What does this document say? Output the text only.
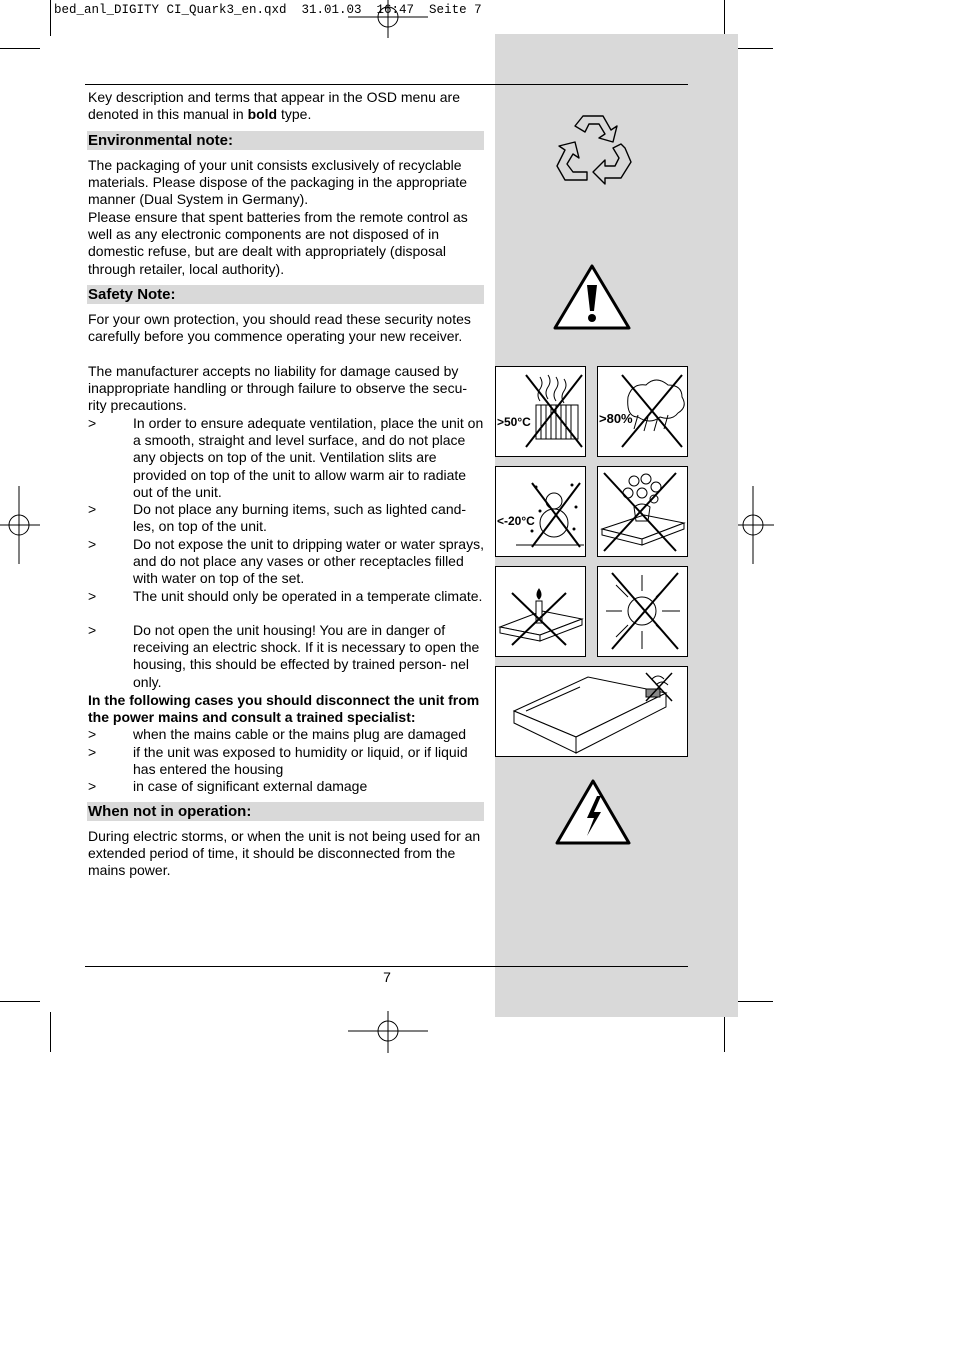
bed_anl_DIGITY CI_Quark3_en.qxd  31.01.03  16:47  Seite 7
Key description and terms that appear in the OSD menu are denoted in this manual in bold type.
Environmental note:
The packaging of your unit consists exclusively of recyclable materials. Please dispose of the packaging in the appropriate manner (Dual System in Germany).
Please ensure that spent batteries from the remote control as well as any electronic components are not disposed of in domestic refuse, but are dealt with appropriately (disposal through retailer, local authority).
Safety Note:
For your own protection, you should read these security notes carefully before you commence operating your new receiver.
The manufacturer accepts no liability for damage caused by inappropriate handling or through failure to observe the secu- rity precautions.
>	In order to ensure adequate ventilation, place the unit on a smooth, straight and level surface, and do not place any objects on top of the unit. Ventilation slits are provided on top of the unit to allow warm air to radiate out of the unit.
>	Do not place any burning items, such as lighted cand- les, on top of the unit.
>	Do not expose the unit to dripping water or water sprays, and do not place any vases or other receptacles filled with water on top of the set.
>	The unit should only be operated in a temperate climate.
>	Do not open the unit housing! You are in danger of receiving an electric shock. If it is necessary to open the housing, this should be effected by trained person- nel only.
In the following cases you should disconnect the unit from the power mains and consult a trained specialist:
>	when the mains cable or the mains plug are damaged
>	if the unit was exposed to humidity or liquid, or if liquid has entered the housing
>	in case of significant external damage
When not in operation:
During electric storms, or when the unit is not being used for an extended period of time, it should be disconnected from the mains power.
7
>50°C	>80%
<-20°C
